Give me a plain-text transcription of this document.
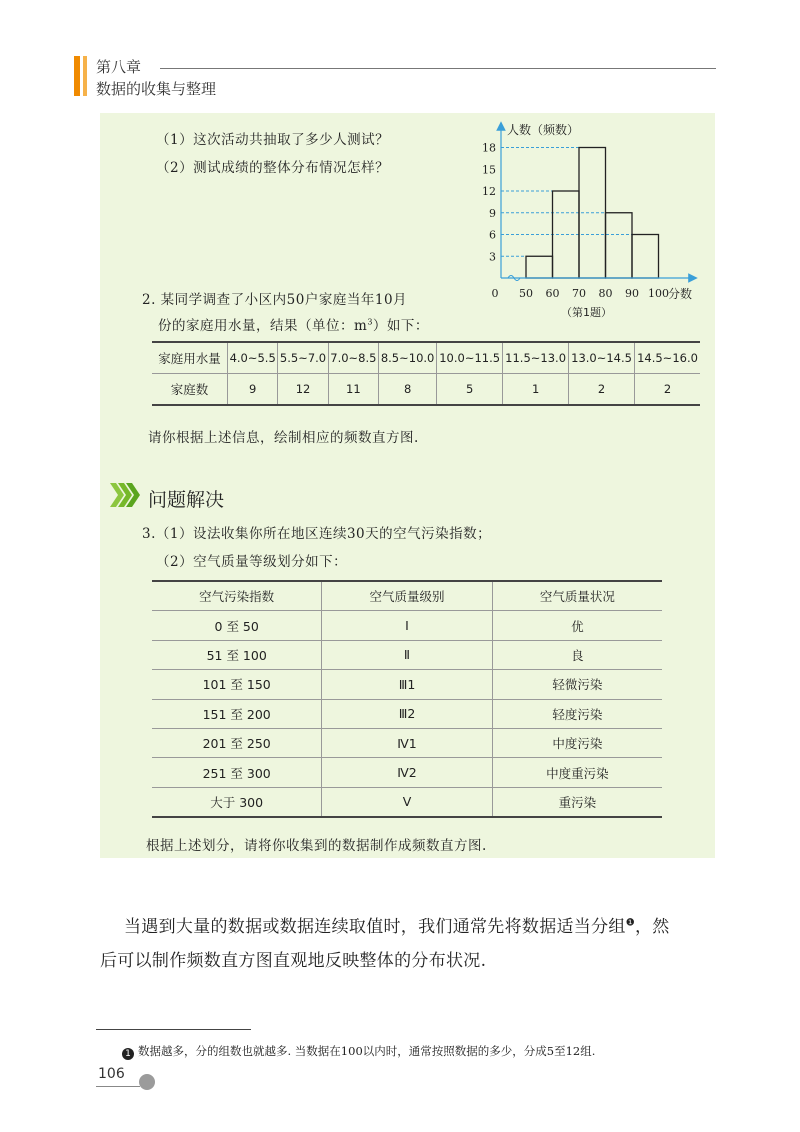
第八章
数据的收集与整理
（1）这次活动共抽取了多少人测试？
（2）测试成绩的整体分布情况怎样？
人数（频数）
3
6
9
12
15
18
0 50 60 70 80 90 100 分数
（第1题）
2. 某同学调查了小区内50户家庭当年10月
份的家庭用水量，结果（单位：$m^3$）如下：
家庭用水量	4.0~5.5	5.5~7.0	7.0~8.5	8.5~10.0	10.0~11.5	11.5~13.0	13.0~14.5	14.5~16.0
家庭数	9	12	11	8	5	1	2	2
请你根据上述信息，绘制相应的频数直方图.
问题解决
3.（1）设法收集你所在地区连续30天的空气污染指数；
（2）空气质量等级划分如下：
空气污染指数	空气质量级别	空气质量状况
0 至 50	Ⅰ	优
51 至 100	Ⅱ	良
101 至 150	Ⅲ1	轻微污染
151 至 200	Ⅲ2	轻度污染
201 至 250	Ⅳ1	中度污染
251 至 300	Ⅳ2	中度重污染
大于 300	Ⅴ	重污染
根据上述划分，请将你收集到的数据制作成频数直方图.
当遇到大量的数据或数据连续取值时，我们通常先将数据适当分组$^❶$，然
后可以制作频数直方图直观地反映整体的分布状况.
1 数据越多，分的组数也就越多. 当数据在100以内时，通常按照数据的多少，分成5至12组.
106
